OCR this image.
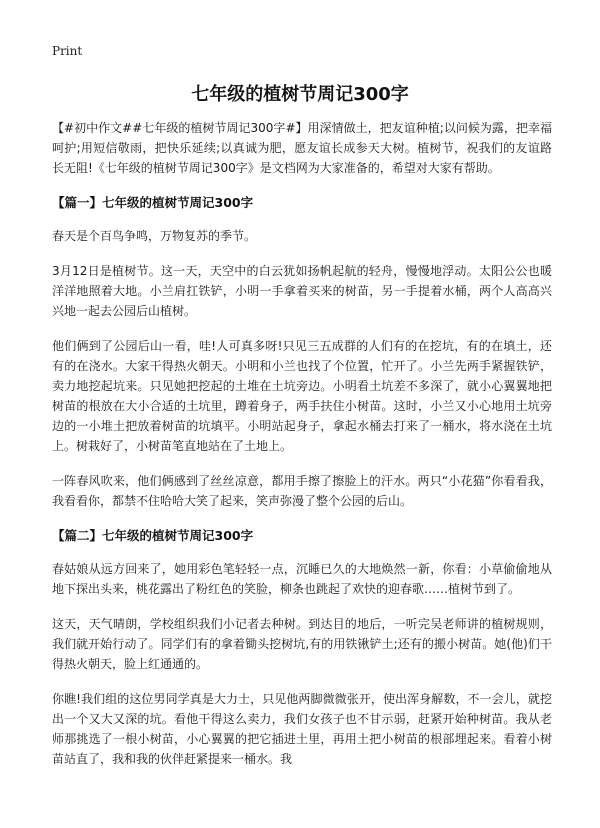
Print
七年级的植树节周记300字

【#初中作文##七年级的植树节周记300字#】用深情做土，把友谊种植;以问候为露，把幸福呵护;用短信敬雨，把快乐延续;以真诚为肥，愿友谊长成参天大树。植树节，祝我们的友谊路长无阻!《七年级的植树节周记300字》是文档网为大家准备的，希望对大家有帮助。

【篇一】七年级的植树节周记300字

春天是个百鸟争鸣，万物复苏的季节。

3月12日是植树节。这一天，天空中的白云犹如扬帆起航的轻舟，慢慢地浮动。太阳公公也暖洋洋地照着大地。小兰肩扛铁铲，小明一手拿着买来的树苗，另一手提着水桶，两个人高高兴兴地一起去公园后山植树。

他们俩到了公园后山一看，哇!人可真多呀!只见三五成群的人们有的在挖坑，有的在填土，还有的在浇水。大家干得热火朝天。小明和小兰也找了个位置，忙开了。小兰先两手紧握铁铲，卖力地挖起坑来。只见她把挖起的土堆在土坑旁边。小明看土坑差不多深了，就小心翼翼地把树苗的根放在大小合适的土坑里，蹲着身子，两手扶住小树苗。这时，小兰又小心地用土坑旁边的一小堆土把放着树苗的坑填平。小明站起身子，拿起水桶去打来了一桶水，将水浇在土坑上。树栽好了，小树苗笔直地站在了土地上。

一阵春风吹来，他们俩感到了丝丝凉意，都用手擦了擦脸上的汗水。两只“小花猫”你看看我，我看看你，都禁不住哈哈大笑了起来，笑声弥漫了整个公园的后山。

【篇二】七年级的植树节周记300字

春姑娘从远方回来了，她用彩色笔轻轻一点，沉睡已久的大地焕然一新，你看：小草偷偷地从地下探出头来，桃花露出了粉红色的笑脸，柳条也跳起了欢快的迎春歌……植树节到了。

这天，天气晴朗，学校组织我们小记者去种树。到达目的地后，一听完吴老师讲的植树规则，我们就开始行动了。同学们有的拿着锄头挖树坑,有的用铁锹铲土;还有的搬小树苗。她(他)们干得热火朝天，脸上红通通的。

你瞧!我们组的这位男同学真是大力士，只见他两脚微微张开，使出浑身解数，不一会儿，就挖出一个又大又深的坑。看他干得这么卖力，我们女孩子也不甘示弱，赶紧开始种树苗。我从老师那挑选了一根小树苗，小心翼翼的把它插进土里，再用土把小树苗的根部埋起来。看着小树苗站直了，我和我的伙伴赶紧提来一桶水。我
